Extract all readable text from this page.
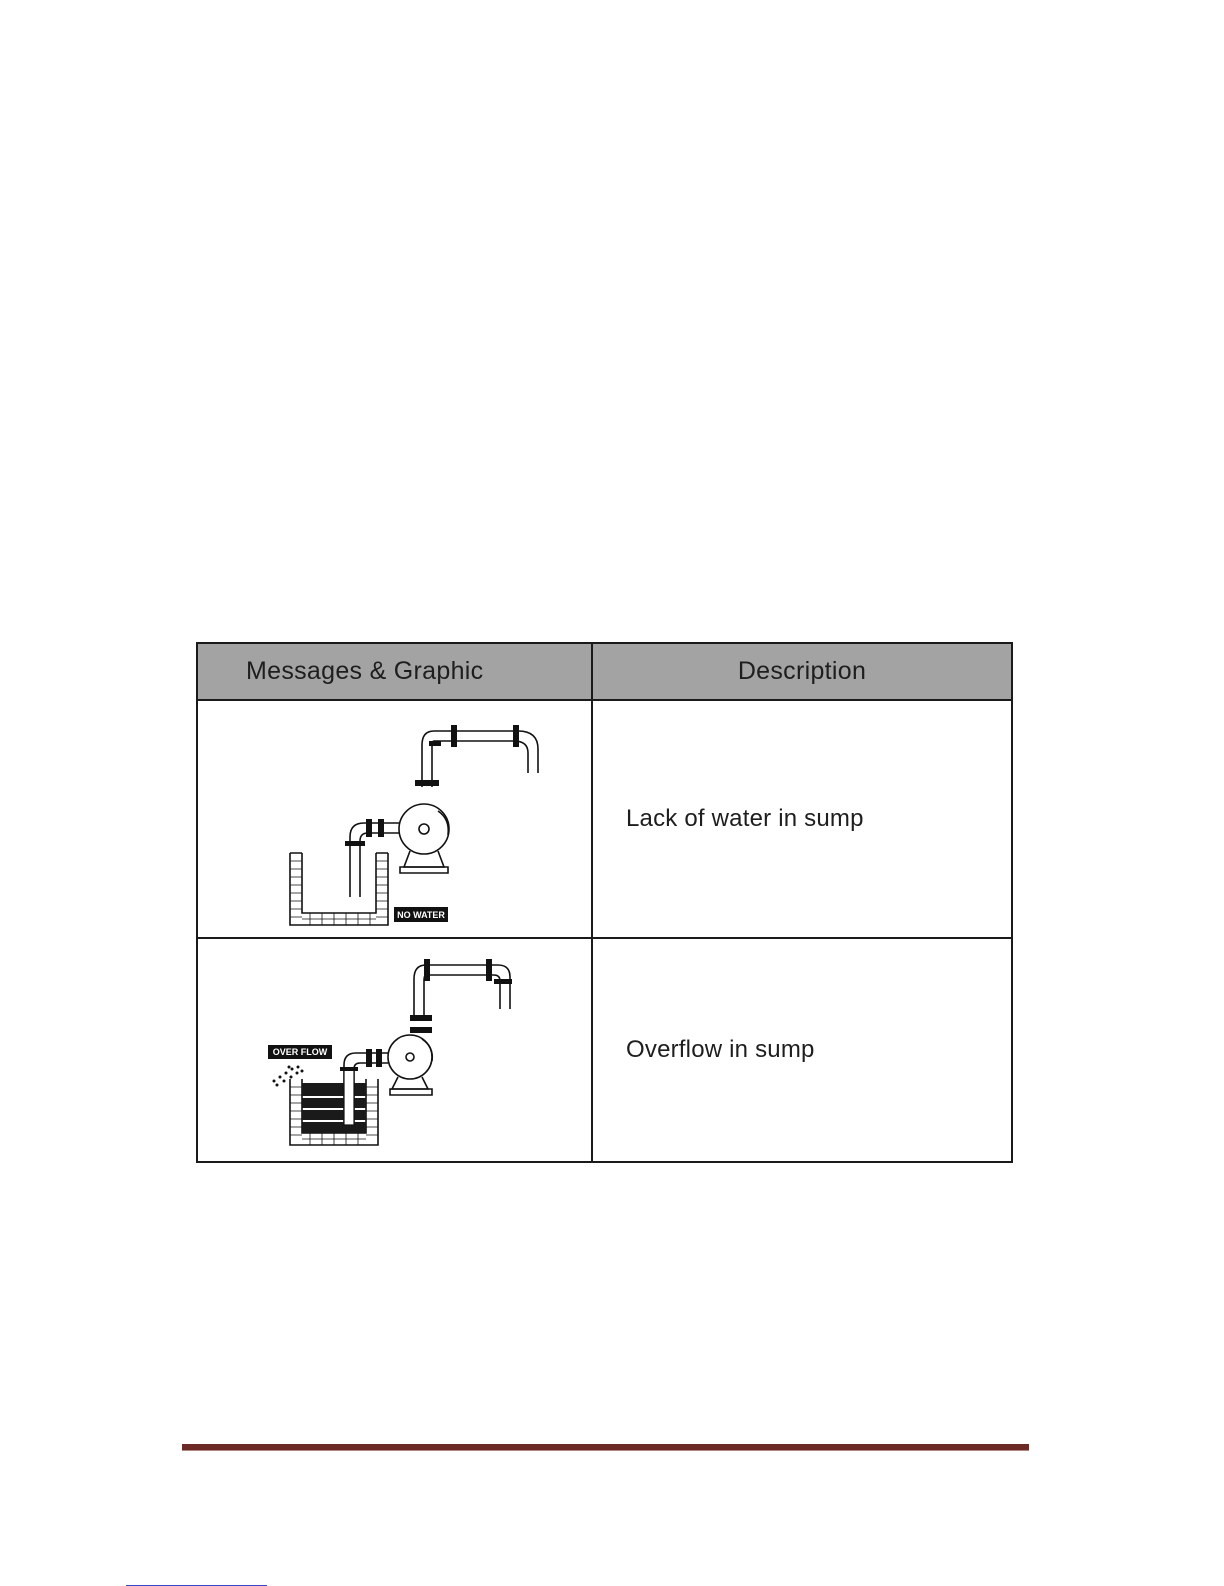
Messages & Graphic	Description

NO WATER	Lack of water in sump

OVER FLOW	Overflow in sump
